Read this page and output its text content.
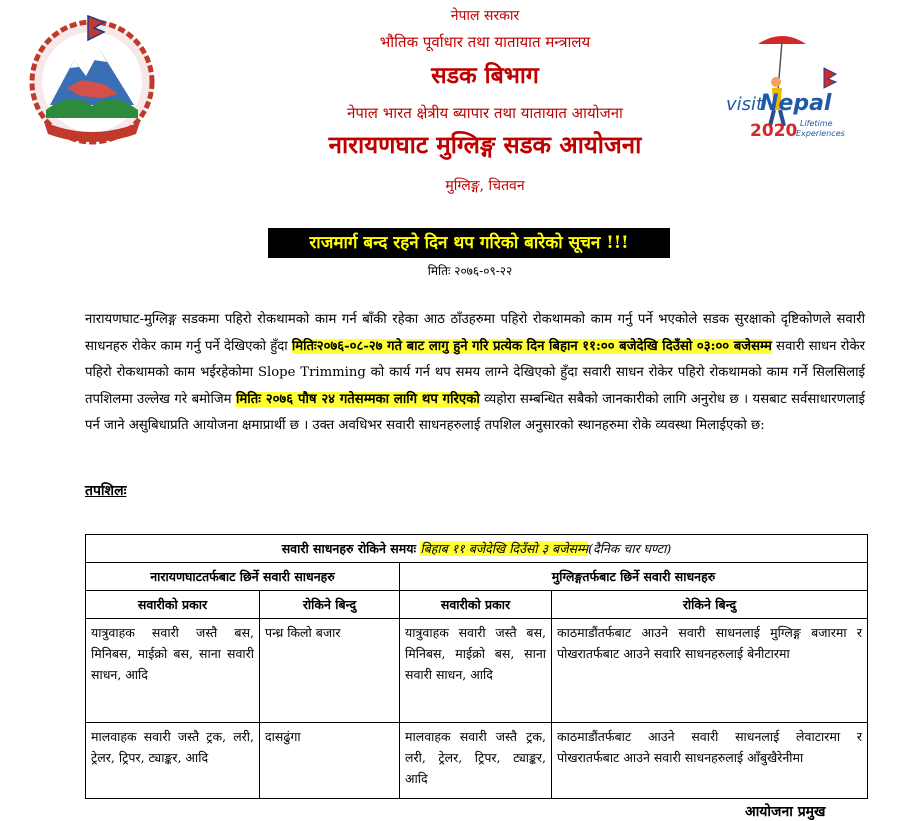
visit
Nepal
2020 Lifetime
Experiences
नेपाल सरकार
भौतिक पूर्वाधार तथा यातायात मन्त्रालय
सडक बिभाग
नेपाल भारत क्षेत्रीय ब्यापार तथा यातायात आयोजना
नारायणघाट मुग्लिङ्ग सडक आयोजना
मुग्लिङ्ग, चितवन
राजमार्ग बन्द रहने दिन थप गरिको बारेको सूचन !!!
मितिः २०७६-०९-२२
नारायणघाट-मुग्लिङ्ग सडकमा पहिरो रोकथामको काम गर्न बाँकी रहेका आठ ठाँउहरुमा पहिरो रोकथामको काम गर्नु पर्ने भएकोले सडक सुरक्षाको दृष्टिकोणले सवारी साधनहरु रोकेर काम गर्नु पर्ने देखिएको हुँदा मितिः२०७६-०८-२७ गते बाट लागु हुने गरि प्रत्येक दिन बिहान ११:०० बजेदेखि दिउँसो ०३:०० बजेसम्म सवारी साधन रोकेर पहिरो रोकथामको काम भईरहेकोमा Slope Trimming को कार्य गर्न थप समय लाग्ने देखिएको हुँदा सवारी साधन रोकेर पहिरो रोकथामको काम गर्ने सिलसिलाई तपशिलमा उल्लेख गरे बमोजिम मितिः २०७६ पौष २४ गतेसम्मका लागि थप गरिएको व्यहोरा सम्बन्धित सबैको जानकारीको लागि अनुरोध छ । यसबाट सर्वसाधारणलाई पर्न जाने असुबिधाप्रति आयोजना क्षमाप्रार्थी छ । उक्त अवधिभर सवारी साधनहरुलाई तपशिल अनुसारको स्थानहरुमा रोके व्यवस्था मिलाईएको छ:
तपशिलः
सवारी साधनहरु रोकिने समयः बिहाब ११ बजेदेखि दिउँसो ३ बजेसम्म(दैनिक चार घण्टा)			
नारायणघाटतर्फबाट छिर्ने सवारी साधनहरु		मुग्लिङ्गतर्फबाट छिर्ने सवारी साधनहरु	
सवारीको प्रकार	रोकिने बिन्दु	सवारीको प्रकार	रोकिने बिन्दु
यात्रुवाहक सवारी जस्तै बस, मिनिबस, माईक्रो बस, साना सवारी साधन, आदि	पन्ध्र किलो बजार	यात्रुवाहक सवारी जस्तै बस, मिनिबस, माईक्रो बस, साना सवारी साधन, आदि	काठमाडौंतर्फबाट आउने सवारी साधनलाई मुग्लिङ्ग बजारमा र पोखरातर्फबाट आउने सवारि साधनहरुलाई बेनीटारमा
मालवाहक सवारी जस्तै ट्रक, लरी, ट्रेलर, ट्रिपर, ट्याङ्कर, आदि	दासढुंगा	मालवाहक सवारी जस्तै ट्रक, लरी, ट्रेलर, ट्रिपर, ट्याङ्कर, आदि	काठमाडौंतर्फबाट आउने सवारी साधनलाई लेवाटारमा र पोखरातर्फबाट आउने सवारी साधनहरुलाई आँबुखैरेनीमा
आयोजना प्रमुख
